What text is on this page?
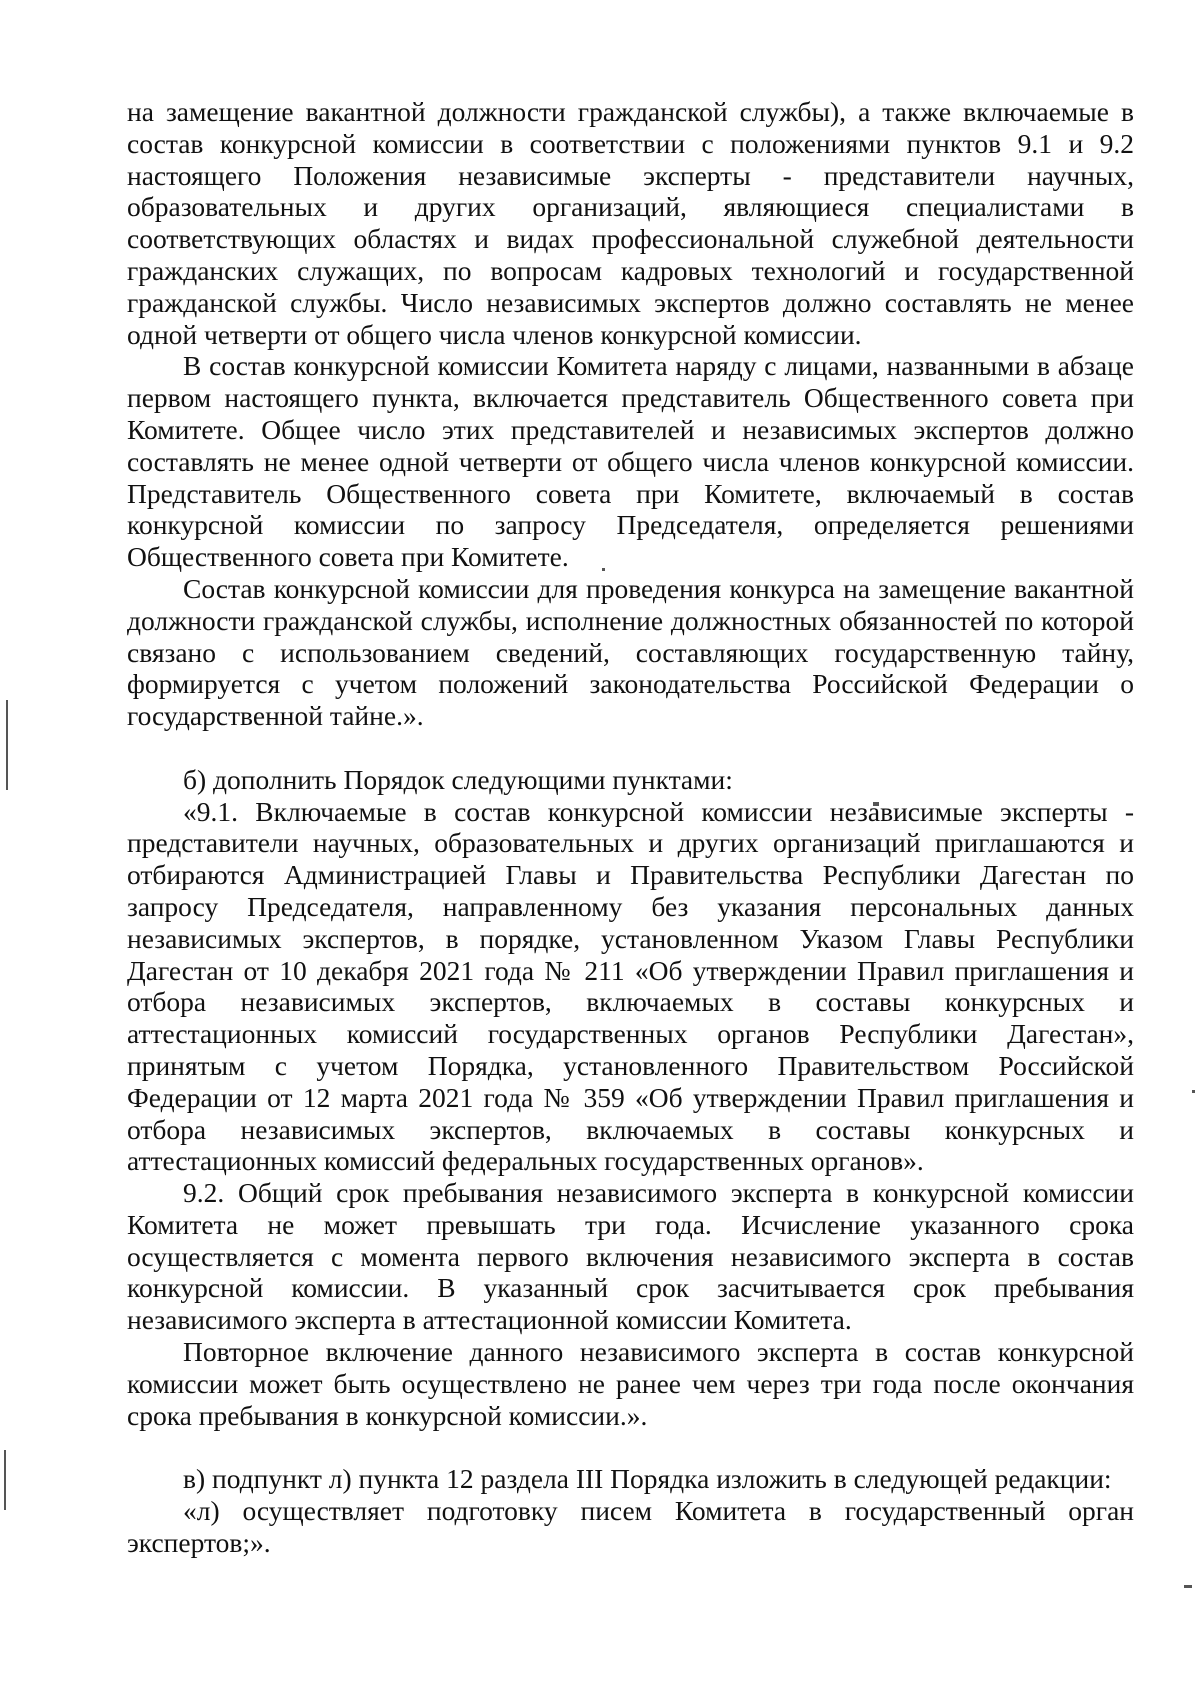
на замещение вакантной должности гражданской службы), а также включаемые в состав конкурсной комиссии в соответствии с положениями пунктов 9.1 и 9.2 настоящего Положения независимые эксперты - представители научных, образовательных и других организаций, являющиеся специалистами в соответствующих областях и видах профессиональной служебной деятельности гражданских служащих, по вопросам кадровых технологий и государственной гражданской службы. Число независимых экспертов должно составлять не менее одной четверти от общего числа членов конкурсной комиссии.

В состав конкурсной комиссии Комитета наряду с лицами, названными в абзаце первом настоящего пункта, включается представитель Общественного совета при Комитете. Общее число этих представителей и независимых экспертов должно составлять не менее одной четверти от общего числа членов конкурсной комиссии. Представитель Общественного совета при Комитете, включаемый в состав конкурсной комиссии по запросу Председателя, определяется решениями Общественного совета при Комитете.

Состав конкурсной комиссии для проведения конкурса на замещение вакантной должности гражданской службы, исполнение должностных обязанностей по которой связано с использованием сведений, составляющих государственную тайну, формируется с учетом положений законодательства Российской Федерации о государственной тайне.».

б) дополнить Порядок следующими пунктами:

«9.1. Включаемые в состав конкурсной комиссии независимые эксперты - представители научных, образовательных и других организаций приглашаются и отбираются Администрацией Главы и Правительства Республики Дагестан по запросу Председателя, направленному без указания персональных данных независимых экспертов, в порядке, установленном Указом Главы Республики Дагестан от 10 декабря 2021 года № 211 «Об утверждении Правил приглашения и отбора независимых экспертов, включаемых в составы конкурсных и аттестационных комиссий государственных органов Республики Дагестан», принятым с учетом Порядка, установленного Правительством Российской Федерации от 12 марта 2021 года № 359 «Об утверждении Правил приглашения и отбора независимых экспертов, включаемых в составы конкурсных и аттестационных комиссий федеральных государственных органов».

9.2. Общий срок пребывания независимого эксперта в конкурсной комиссии Комитета не может превышать три года. Исчисление указанного срока осуществляется с момента первого включения независимого эксперта в состав конкурсной комиссии. В указанный срок засчитывается срок пребывания независимого эксперта в аттестационной комиссии Комитета.

Повторное включение данного независимого эксперта в состав конкурсной комиссии может быть осуществлено не ранее чем через три года после окончания срока пребывания в конкурсной комиссии.».

в) подпункт л) пункта 12 раздела III Порядка изложить в следующей редакции:

«л) осуществляет подготовку писем Комитета в государственный орган экспертов;».
